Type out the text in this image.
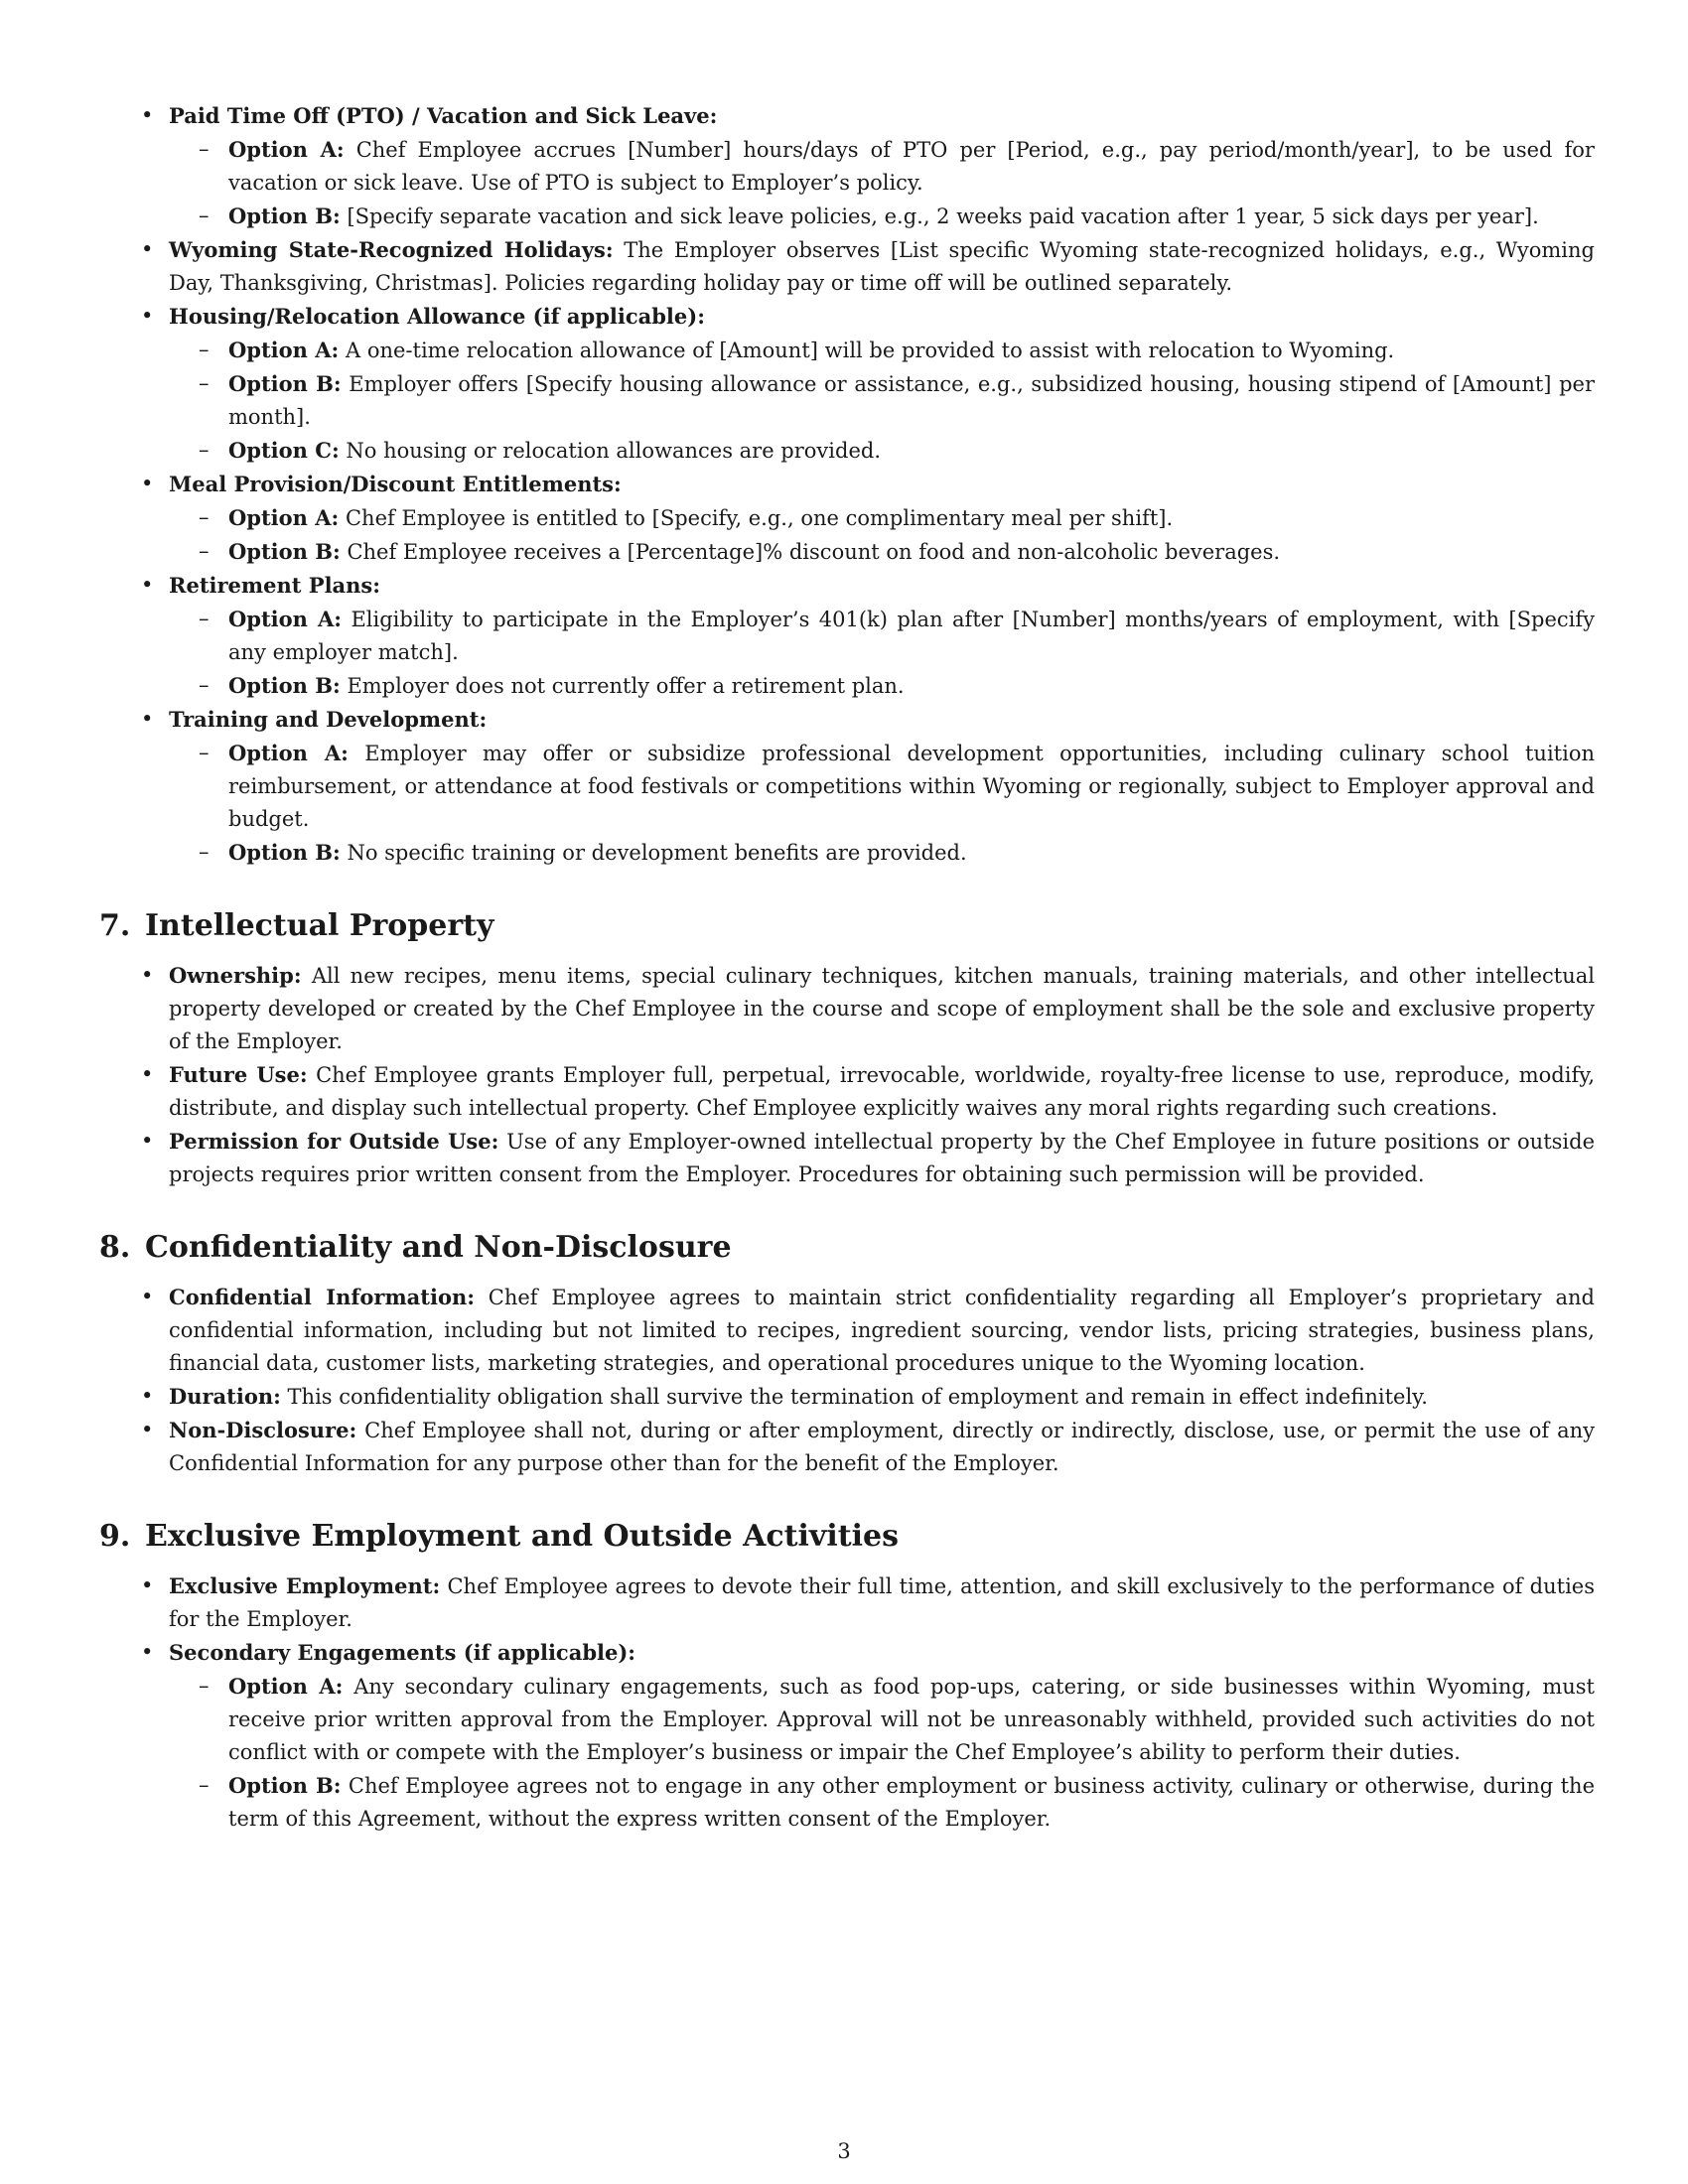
• Paid Time Off (PTO) / Vacation and Sick Leave:
– Option A: Chef Employee accrues [Number] hours/days of PTO per [Period, e.g., pay period/month/year], to be used for vacation or sick leave. Use of PTO is subject to Employer’s policy.
– Option B: [Specify separate vacation and sick leave policies, e.g., 2 weeks paid vacation after 1 year, 5 sick days per year].
• Wyoming State-Recognized Holidays: The Employer observes [List specific Wyoming state-recognized holidays, e.g., Wyoming Day, Thanksgiving, Christmas]. Policies regarding holiday pay or time off will be outlined separately.
• Housing/Relocation Allowance (if applicable):
– Option A: A one-time relocation allowance of [Amount] will be provided to assist with relocation to Wyoming.
– Option B: Employer offers [Specify housing allowance or assistance, e.g., subsidized housing, housing stipend of [Amount] per month].
– Option C: No housing or relocation allowances are provided.
• Meal Provision/Discount Entitlements:
– Option A: Chef Employee is entitled to [Specify, e.g., one complimentary meal per shift].
– Option B: Chef Employee receives a [Percentage]% discount on food and non-alcoholic beverages.
• Retirement Plans:
– Option A: Eligibility to participate in the Employer’s 401(k) plan after [Number] months/years of employment, with [Specify any employer match].
– Option B: Employer does not currently offer a retirement plan.
• Training and Development:
– Option A: Employer may offer or subsidize professional development opportunities, including culinary school tuition reimbursement, or attendance at food festivals or competitions within Wyoming or regionally, subject to Employer approval and budget.
– Option B: No specific training or development benefits are provided.
7. Intellectual Property
• Ownership: All new recipes, menu items, special culinary techniques, kitchen manuals, training materials, and other intellectual property developed or created by the Chef Employee in the course and scope of employment shall be the sole and exclusive property of the Employer.
• Future Use: Chef Employee grants Employer full, perpetual, irrevocable, worldwide, royalty-free license to use, reproduce, modify, distribute, and display such intellectual property. Chef Employee explicitly waives any moral rights regarding such creations.
• Permission for Outside Use: Use of any Employer-owned intellectual property by the Chef Employee in future positions or outside projects requires prior written consent from the Employer. Procedures for obtaining such permission will be provided.
8. Confidentiality and Non-Disclosure
• Confidential Information: Chef Employee agrees to maintain strict confidentiality regarding all Employer’s proprietary and confidential information, including but not limited to recipes, ingredient sourcing, vendor lists, pricing strategies, business plans, financial data, customer lists, marketing strategies, and operational procedures unique to the Wyoming location.
• Duration: This confidentiality obligation shall survive the termination of employment and remain in effect indefinitely.
• Non-Disclosure: Chef Employee shall not, during or after employment, directly or indirectly, disclose, use, or permit the use of any Confidential Information for any purpose other than for the benefit of the Employer.
9. Exclusive Employment and Outside Activities
• Exclusive Employment: Chef Employee agrees to devote their full time, attention, and skill exclusively to the performance of duties for the Employer.
• Secondary Engagements (if applicable):
– Option A: Any secondary culinary engagements, such as food pop-ups, catering, or side businesses within Wyoming, must receive prior written approval from the Employer. Approval will not be unreasonably withheld, provided such activities do not conflict with or compete with the Employer’s business or impair the Chef Employee’s ability to perform their duties.
– Option B: Chef Employee agrees not to engage in any other employment or business activity, culinary or otherwise, during the term of this Agreement, without the express written consent of the Employer.
3
